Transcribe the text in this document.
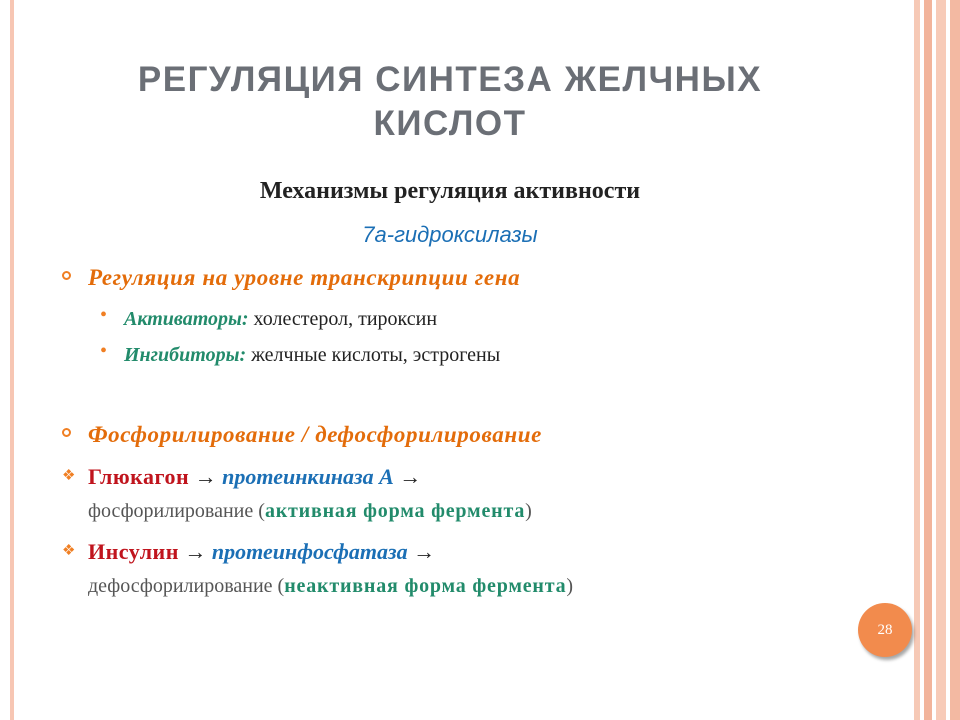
РЕГУЛЯЦИЯ СИНТЕЗА ЖЕЛЧНЫХ
КИСЛОТ
Механизмы регуляция активности
7а-гидроксилазы
Регуляция на уровне транскрипции гена
• Активаторы: холестерол, тироксин
• Ингибиторы: желчные кислоты, эстрогены
Фосфорилирование / дефосфорилирование
❖ Глюкагон → протеинкиназа А →
фосфорилирование (активная форма фермента)
❖ Инсулин → протеинфосфатаза →
дефосфорилирование (неактивная форма фермента)
28
